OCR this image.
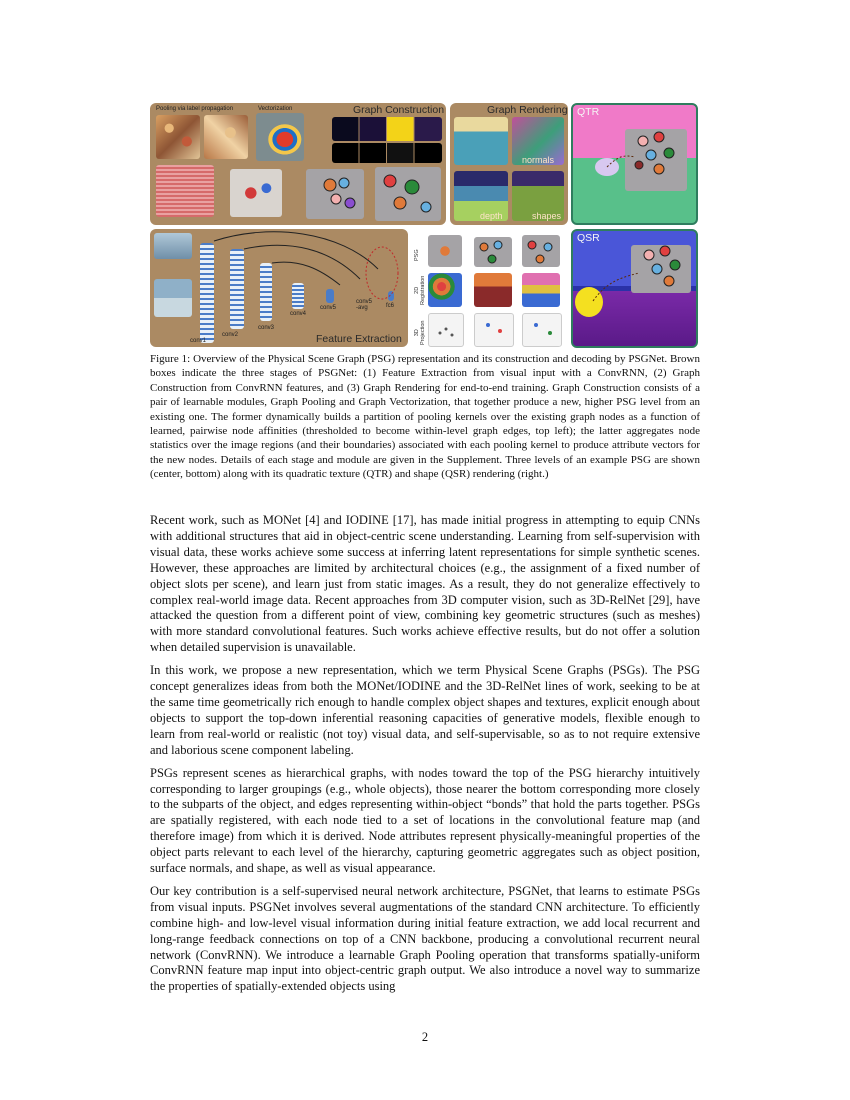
Graph Construction
Pooling via label propagation	Vectorization	Graph Rendering
normals
depth	shapes
QTR
Feature Extraction
conv1
conv2
conv3
conv4
conv5
conv5
-avg	fc6
PSG
2D
Registration
3D
Projection
QSR
Figure 1: Overview of the Physical Scene Graph (PSG) representation and its construction and decoding by PSGNet. Brown boxes indicate the three stages of PSGNet: (1) Feature Extraction from visual input with a ConvRNN, (2) Graph Construction from ConvRNN features, and (3) Graph Rendering for end-to-end training. Graph Construction consists of a pair of learnable modules, Graph Pooling and Graph Vectorization, that together produce a new, higher PSG level from an existing one. The former dynamically builds a partition of pooling kernels over the existing graph nodes as a function of learned, pairwise node affinities (thresholded to become within-level graph edges, top left); the latter aggregates node statistics over the image regions (and their boundaries) associated with each pooling kernel to produce attribute vectors for the new nodes. Details of each stage and module are given in the Supplement. Three levels of an example PSG are shown (center, bottom) along with its quadratic texture (QTR) and shape (QSR) rendering (right.)

Recent work, such as MONet [4] and IODINE [17], has made initial progress in attempting to equip CNNs with additional structures that aid in object-centric scene understanding. Learning from self-supervision with visual data, these works achieve some success at inferring latent representations for simple synthetic scenes. However, these approaches are limited by architectural choices (e.g., the assignment of a fixed number of object slots per scene), and learn just from static images. As a result, they do not generalize effectively to complex real-world image data. Recent approaches from 3D computer vision, such as 3D-RelNet [29], have attacked the question from a different point of view, combining key geometric structures (such as meshes) with more standard convolutional features. Such works achieve effective results, but do not offer a solution when detailed supervision is unavailable.

In this work, we propose a new representation, which we term Physical Scene Graphs (PSGs). The PSG concept generalizes ideas from both the MONet/IODINE and the 3D-RelNet lines of work, seeking to be at the same time geometrically rich enough to handle complex object shapes and textures, explicit enough about objects to support the top-down inferential reasoning capacities of generative models, flexible enough to learn from real-world or realistic (not toy) visual data, and self-supervisable, so as to not require extensive and laborious scene component labeling.

PSGs represent scenes as hierarchical graphs, with nodes toward the top of the PSG hierarchy intuitively corresponding to larger groupings (e.g., whole objects), those nearer the bottom corresponding more closely to the subparts of the object, and edges representing within-object “bonds” that hold the parts together. PSGs are spatially registered, with each node tied to a set of locations in the convolutional feature map (and therefore image) from which it is derived. Node attributes represent physically-meaningful properties of the object parts relevant to each level of the hierarchy, capturing geometric aggregates such as object position, surface normals, and shape, as well as visual appearance.

Our key contribution is a self-supervised neural network architecture, PSGNet, that learns to estimate PSGs from visual inputs. PSGNet involves several augmentations of the standard CNN architecture. To efficiently combine high- and low-level visual information during initial feature extraction, we add local recurrent and long-range feedback connections on top of a CNN backbone, producing a convolutional recurrent neural network (ConvRNN). We introduce a learnable Graph Pooling operation that transforms spatially-uniform ConvRNN feature map input into object-centric graph output. We also introduce a novel way to summarize the properties of spatially-extended objects using

2
